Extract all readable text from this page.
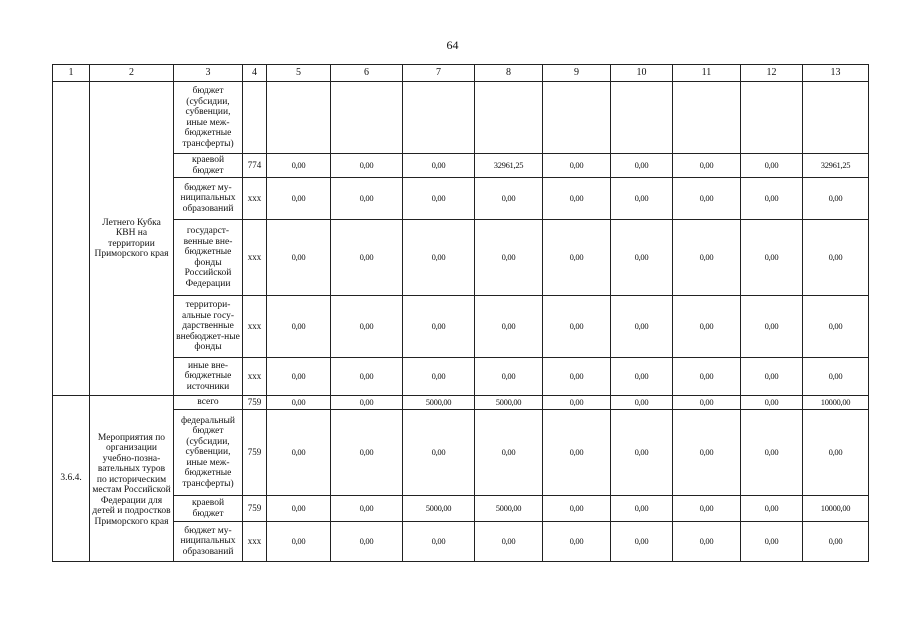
64
1	2	3	4	5	6	7	8	9	10	11	12	13
	Летнего Кубка КВН на территории Приморского края	бюджет (субсидии, субвенции, иные меж-бюджетные трансферты)										
		краевой бюджет	774	0,00	0,00	0,00	32961,25	0,00	0,00	0,00	0,00	32961,25
		бюджет му-ниципальных образований	ххх	0,00	0,00	0,00	0,00	0,00	0,00	0,00	0,00	0,00
		государст-венные вне-бюджетные фонды Российской Федерации	ххх	0,00	0,00	0,00	0,00	0,00	0,00	0,00	0,00	0,00
		территори-альные госу-дарственные внебюджет-ные фонды	ххх	0,00	0,00	0,00	0,00	0,00	0,00	0,00	0,00	0,00
		иные вне-бюджетные источники	ххх	0,00	0,00	0,00	0,00	0,00	0,00	0,00	0,00	0,00
3.6.4.	Мероприятия по организации учебно-позна-вательных туров по историческим местам Российской Федерации для детей и подростков Приморского края	всего	759	0,00	0,00	5000,00	5000,00	0,00	0,00	0,00	0,00	10000,00
		федеральный бюджет (субсидии, субвенции, иные меж-бюджетные трансферты)	759	0,00	0,00	0,00	0,00	0,00	0,00	0,00	0,00	0,00
		краевой бюджет	759	0,00	0,00	5000,00	5000,00	0,00	0,00	0,00	0,00	10000,00
		бюджет му-ниципальных образований	ххх	0,00	0,00	0,00	0,00	0,00	0,00	0,00	0,00	0,00
